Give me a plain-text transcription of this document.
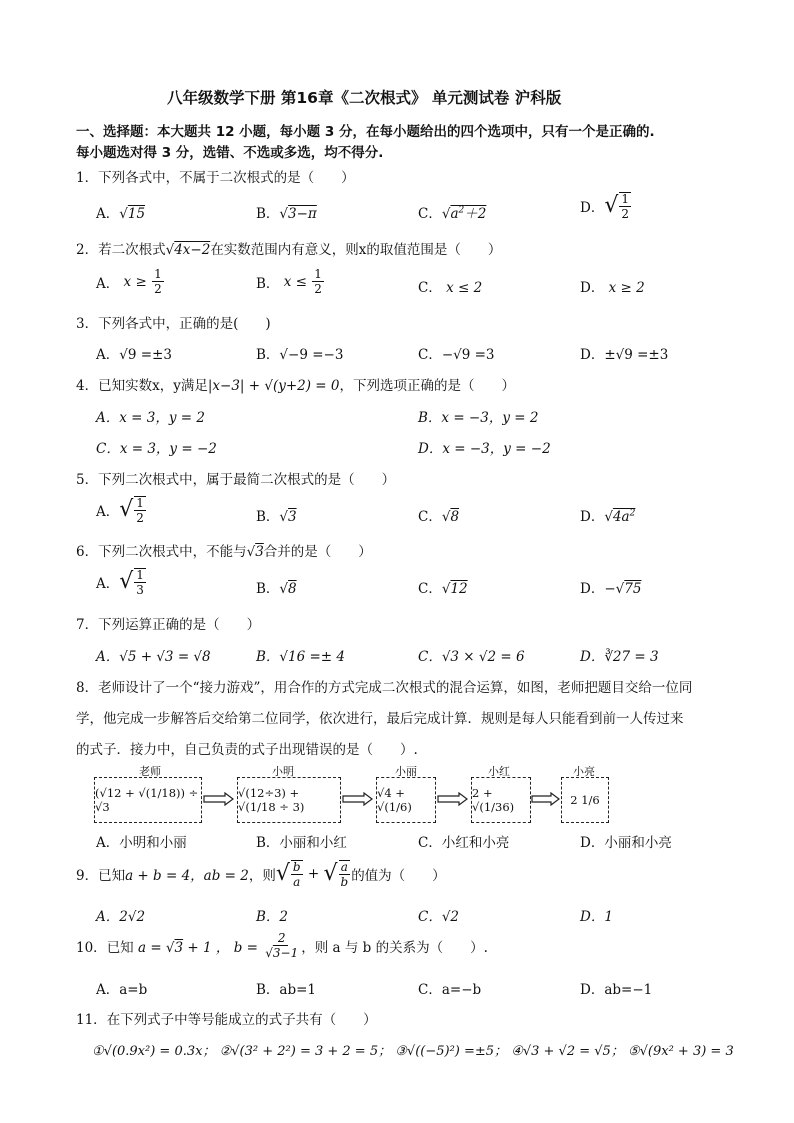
八年级数学下册 第16章《二次根式》 单元测试卷 沪科版
一、选择题：本大题共 12 小题，每小题 3 分，在每小题给出的四个选项中，只有一个是正确的.
每小题选对得 3 分，选错、不选或多选，均不得分.
1．下列各式中，不属于二次根式的是（　　）
A．√15	B．√3−π	C．$√a^2+2$	D． √ $\frac{1}{2}$
2．若二次根式√4x−2在实数范围内有意义，则x的取值范围是（　　）
A． $x \ge \frac{1}{2}$	B． $x \le \frac{1}{2}$	C． x ≤ 2	D． x ≥ 2
3．下列各式中，正确的是(　　)
A．√9 =±3	B．√−9 =−3	C．−√9 =3	D．±√9 =±3
4．已知实数x，y满足|x−3| + √(y+2) = 0，下列选项正确的是（　　）
A．x = 3，y = 2	B．x = −3，y = 2
C．x = 3，y = −2	D．x = −3，y = −2
5．下列二次根式中，属于最简二次根式的是（　　）
A． √ $\frac{1}{2}$	B．√3	C．√8	D．$√4a^2$
6．下列二次根式中，不能与√3合并的是（　　）
A． √ $\frac{1}{3}$	B．√8	C．√12	D．−√75
7．下列运算正确的是（　　）
A．√5 + √3 = √8	B．√16 =± 4	C．√3 × √2 = 6	D．∛27 = 3
8．老师设计了一个“接力游戏”，用合作的方式完成二次根式的混合运算，如图，老师把题目交给一位同
学，他完成一步解答后交给第二位同学，依次进行，最后完成计算．规则是每人只能看到前一人传过来
的式子．接力中，自己负责的式子出现错误的是（　　）.
老师
(√12 + √(1/18)) ÷ √3
小明
√(12÷3) + √(1/18 ÷ 3)
小丽
√4 + √(1/6)
小红
2 + √(1/36)
小亮
2 1/6
A．小明和小丽	B．小丽和小红	C．小红和小亮	D．小丽和小亮
9． 已知 a + b = 4，ab = 2 ，则 √ $\frac{b}{a}$ + √ $\frac{a}{b}$ 的值为（　　）
A．2√2	B．2	C．√2	D．1
10． 已知 a = √3 + 1 ， $b = \frac{2}{√3-1}$ ，则 a 与 b 的关系为（　　）.
A．a=b	B．ab=1	C．a=−b	D．ab=−1
11．在下列式子中等号能成立的式子共有（　　）
①√(0.9x²) = 0.3x； ②√(3² + 2²) = 3 + 2 = 5； ③√((−5)²) =±5； ④√3 + √2 = √5； ⑤√(9x² + 3) = 3
